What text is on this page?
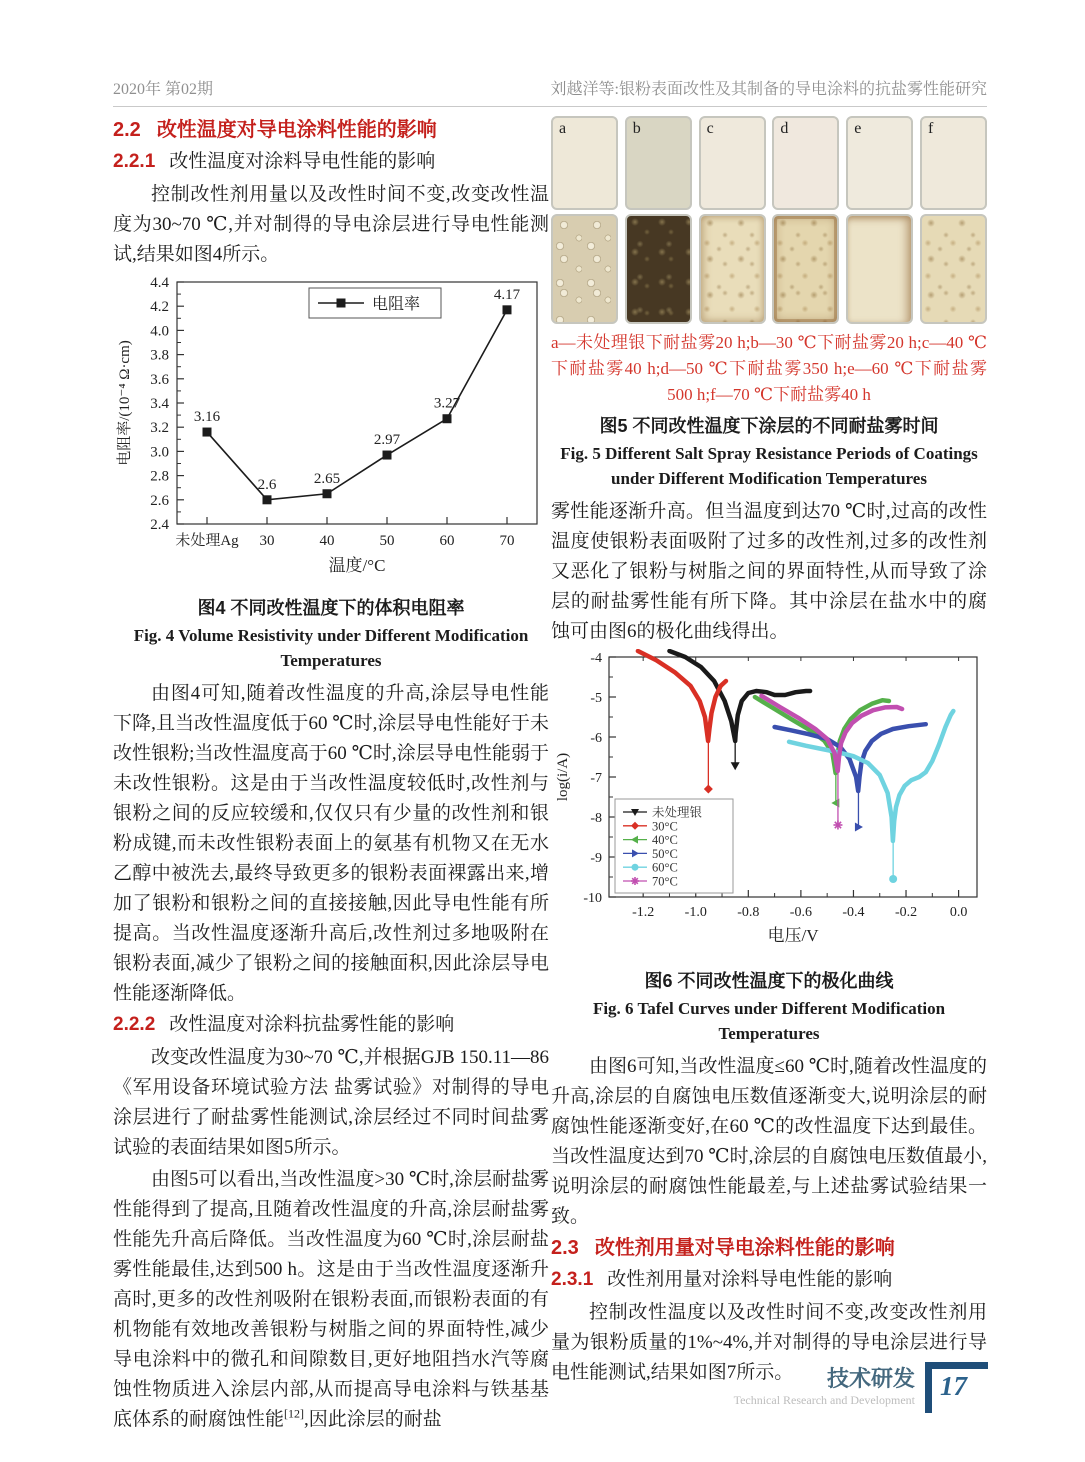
2020年 第02期	刘越洋等:银粉表面改性及其制备的导电涂料的抗盐雾性能研究
2.2 改性温度对导电涂料性能的影响
2.2.1 改性温度对涂料导电性能的影响

控制改性剂用量以及改性时间不变,改变改性温度为30~70 ℃,并对制得的导电涂层进行导电性能测试,结果如图4所示。

2.4
2.6
2.8
3.0
3.2
3.4
3.6
3.8
4.0
4.2
4.4
未处理Ag 30	40	50	60	70
温度/°C
电阻率/(10⁻⁴ Ω·cm)	3.16
2.6	2.65
2.97
3.27
4.17
电阻率
图4 不同改性温度下的体积电阻率
Fig. 4 Volume Resistivity under Different Modification Temperatures

由图4可知,随着改性温度的升高,涂层导电性能下降,且当改性温度低于60 ℃时,涂层导电性能好于未改性银粉;当改性温度高于60 ℃时,涂层导电性能弱于未改性银粉。这是由于当改性温度较低时,改性剂与银粉之间的反应较缓和,仅仅只有少量的改性剂和银粉成键,而未改性银粉表面上的氨基有机物又在无水乙醇中被洗去,最终导致更多的银粉表面裸露出来,增加了银粉和银粉之间的直接接触,因此导电性能有所提高。当改性温度逐渐升高后,改性剂过多地吸附在银粉表面,减少了银粉之间的接触面积,因此涂层导电性能逐渐降低。

2.2.2 改性温度对涂料抗盐雾性能的影响

改变改性温度为30~70 ℃,并根据GJB 150.11—86《军用设备环境试验方法 盐雾试验》对制得的导电涂层进行了耐盐雾性能测试,涂层经过不同时间盐雾试验的表面结果如图5所示。

由图5可以看出,当改性温度>30 ℃时,涂层耐盐雾性能得到了提高,且随着改性温度的升高,涂层耐盐雾性能先升高后降低。当改性温度为60 ℃时,涂层耐盐雾性能最佳,达到500 h。这是由于当改性温度逐渐升高时,更多的改性剂吸附在银粉表面,而银粉表面的有机物能有效地改善银粉与树脂之间的界面特性,减少导电涂料中的微孔和间隙数目,更好地阻挡水汽等腐蚀性物质进入涂层内部,从而提高导电涂料与铁基基底体系的耐腐蚀性能[12],因此涂层的耐盐

a	b	c	d	e	f
a—未处理银下耐盐雾20 h;b—30 ℃下耐盐雾20 h;c—40 ℃下耐盐雾40 h;d—50 ℃下耐盐雾350 h;e—60 ℃下耐盐雾500 h;f—70 ℃下耐盐雾40 h
图5 不同改性温度下涂层的不同耐盐雾时间
Fig. 5 Different Salt Spray Resistance Periods of Coatings under Different Modification Temperatures

雾性能逐渐升高。但当温度到达70 ℃时,过高的改性温度使银粉表面吸附了过多的改性剂,过多的改性剂又恶化了银粉与树脂之间的界面特性,从而导致了涂层的耐盐雾性能有所下降。其中涂层在盐水中的腐蚀可由图6的极化曲线得出。

-10
-9
-8
-7
-6
-5
-4
-1.2 -1.0 -0.8 -0.6 -0.4 -0.2 0.0
电压/V
log(i/A)
未处理银
30°C
40°C
50°C
60°C
70°C
图6 不同改性温度下的极化曲线
Fig. 6 Tafel Curves under Different Modification Temperatures

由图6可知,当改性温度≤60 ℃时,随着改性温度的升高,涂层的自腐蚀电压数值逐渐变大,说明涂层的耐腐蚀性能逐渐变好,在60 ℃的改性温度下达到最佳。当改性温度达到70 ℃时,涂层的自腐蚀电压数值最小,说明涂层的耐腐蚀性能最差,与上述盐雾试验结果一致。

2.3 改性剂用量对导电涂料性能的影响
2.3.1 改性剂用量对涂料导电性能的影响

控制改性温度以及改性时间不变,改变改性剂用量为银粉质量的1%~4%,并对制得的导电涂层进行导电性能测试,结果如图7所示。	技术研发
Technical Research and Development 17
